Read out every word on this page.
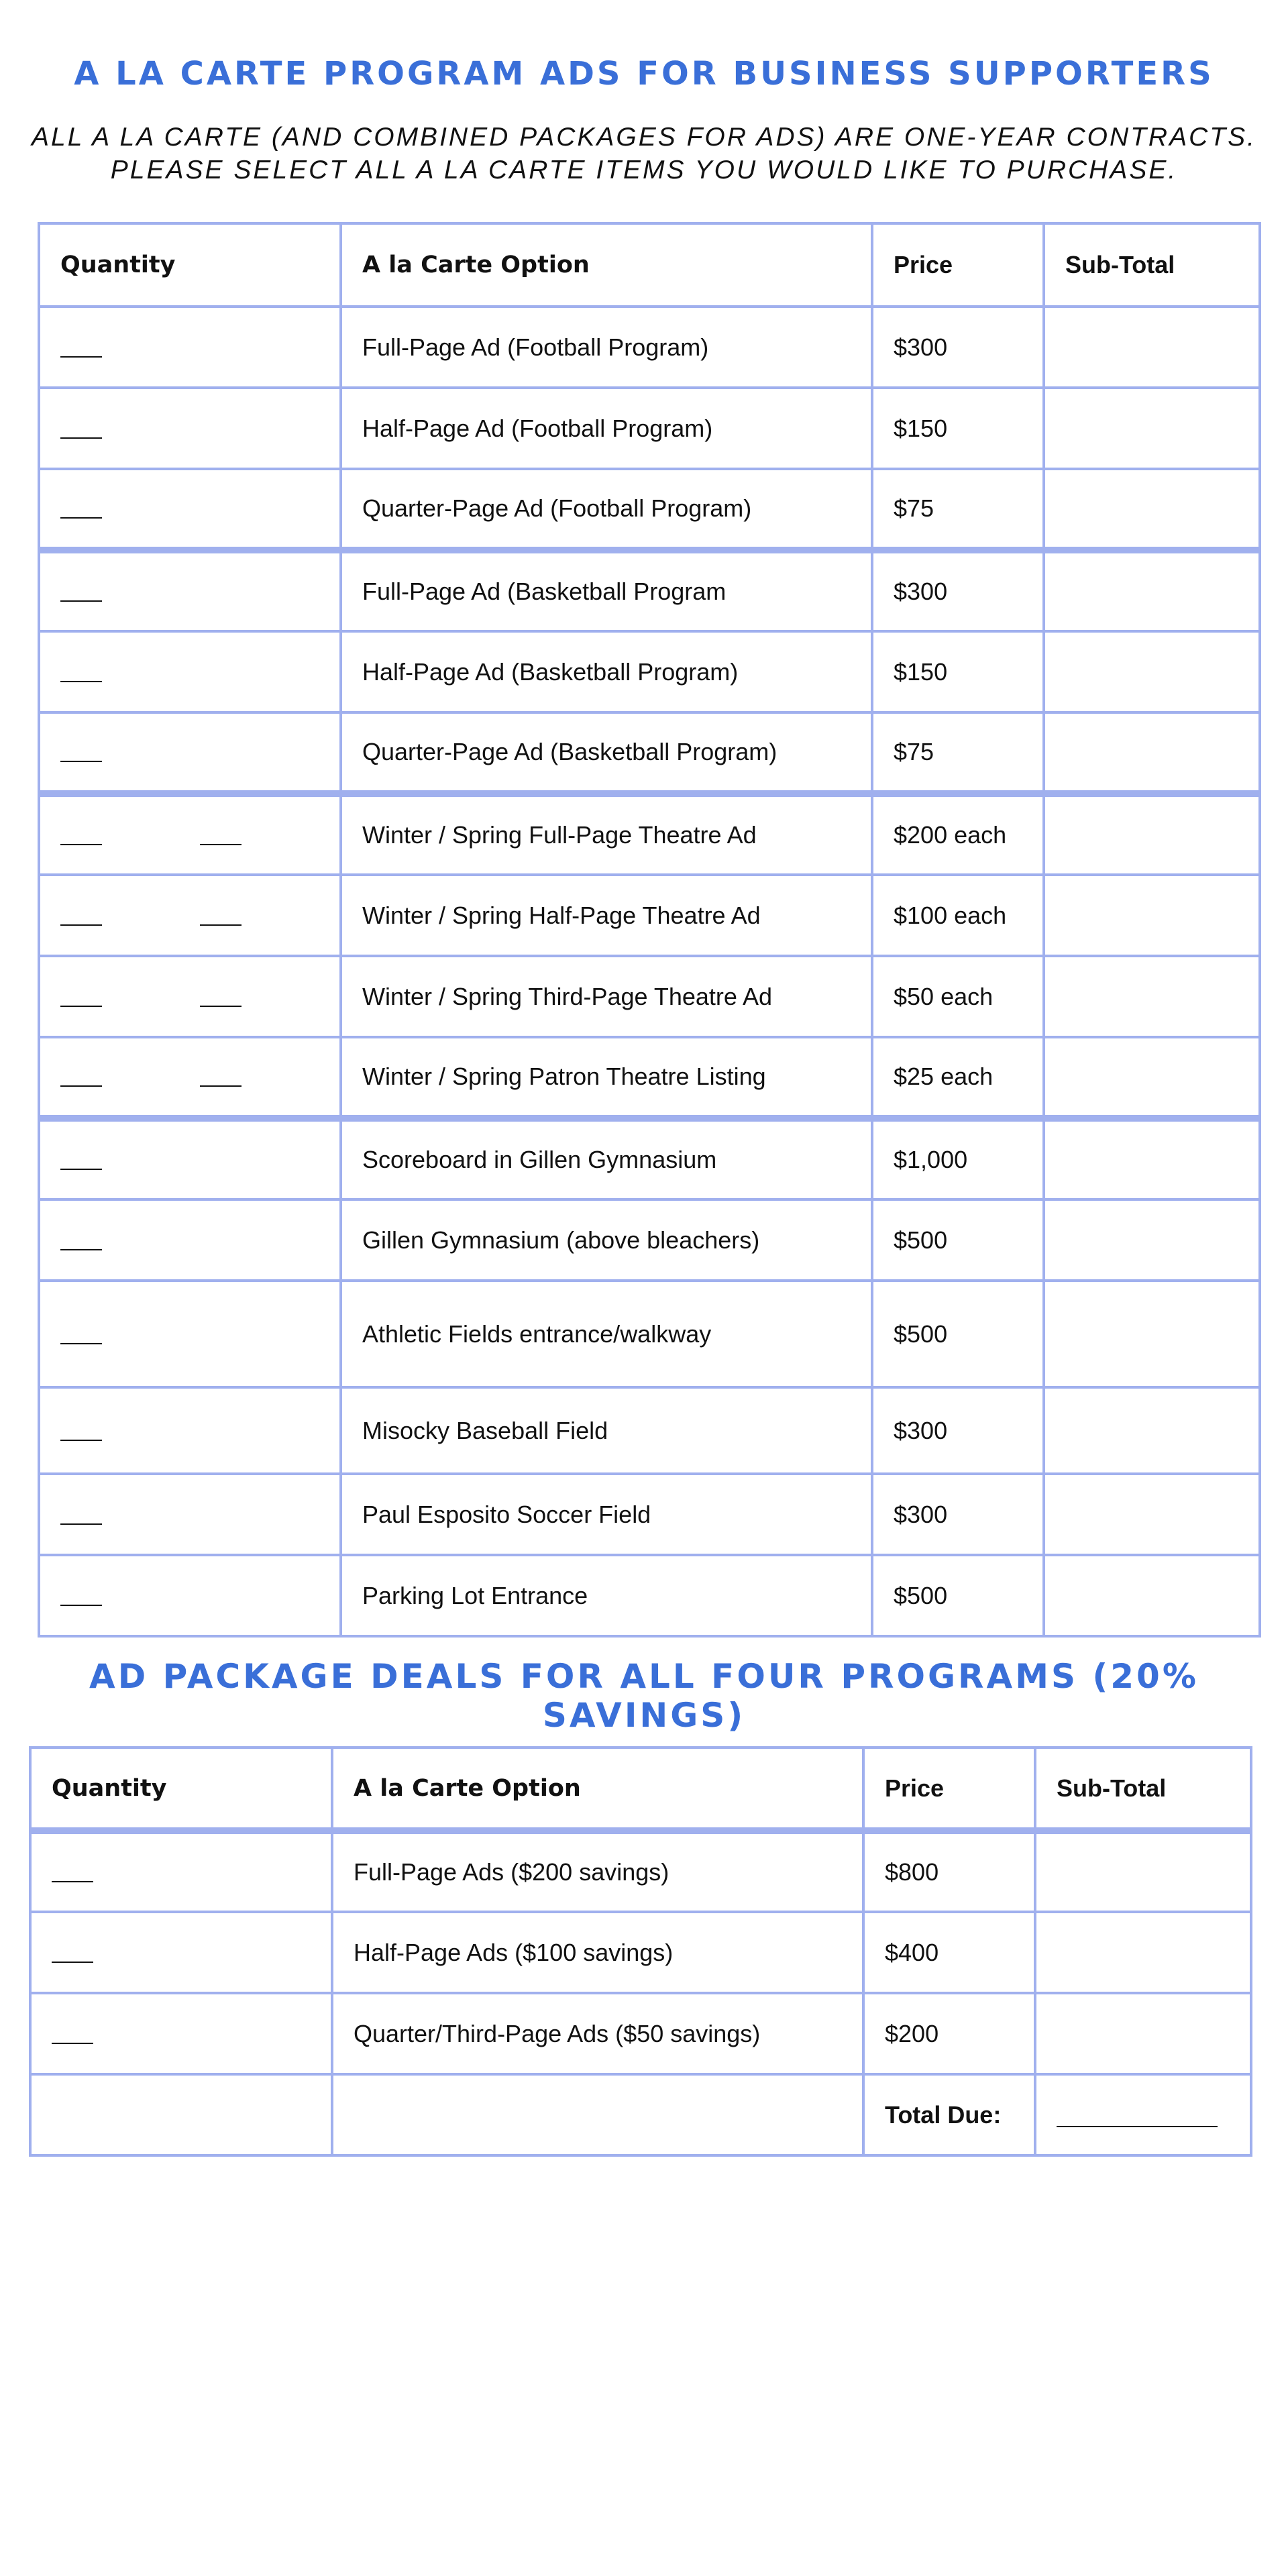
A LA CARTE PROGRAM ADS FOR BUSINESS SUPPORTERS
ALL A LA CARTE (AND COMBINED PACKAGES FOR ADS) ARE ONE-YEAR CONTRACTS.
PLEASE SELECT ALL A LA CARTE ITEMS YOU WOULD LIKE TO PURCHASE.
Quantity	A la Carte Option	Price	Sub-Total
	Full-Page Ad (Football Program)	$300	
	Half-Page Ad (Football Program)	$150	
	Quarter-Page Ad (Football Program)	$75	
	Full-Page Ad (Basketball Program	$300	
	Half-Page Ad (Basketball Program)	$150	
	Quarter-Page Ad (Basketball Program)	$75	
	Winter / Spring Full-Page Theatre Ad	$200 each	
	Winter / Spring Half-Page Theatre Ad	$100 each	
	Winter / Spring Third-Page Theatre Ad	$50 each	
	Winter / Spring Patron Theatre Listing	$25 each	
	Scoreboard in Gillen Gymnasium	$1,000	
	Gillen Gymnasium (above bleachers)	$500	
	Athletic Fields entrance/walkway	$500	
	Misocky Baseball Field	$300	
	Paul Esposito Soccer Field	$300	
	Parking Lot Entrance	$500	
AD PACKAGE DEALS FOR ALL FOUR PROGRAMS (20% SAVINGS)
Quantity	A la Carte Option	Price	Sub-Total
	Full-Page Ads ($200 savings)	$800	
	Half-Page Ads ($100 savings)	$400	
	Quarter/Third-Page Ads ($50 savings)	$200	
		Total Due:	
